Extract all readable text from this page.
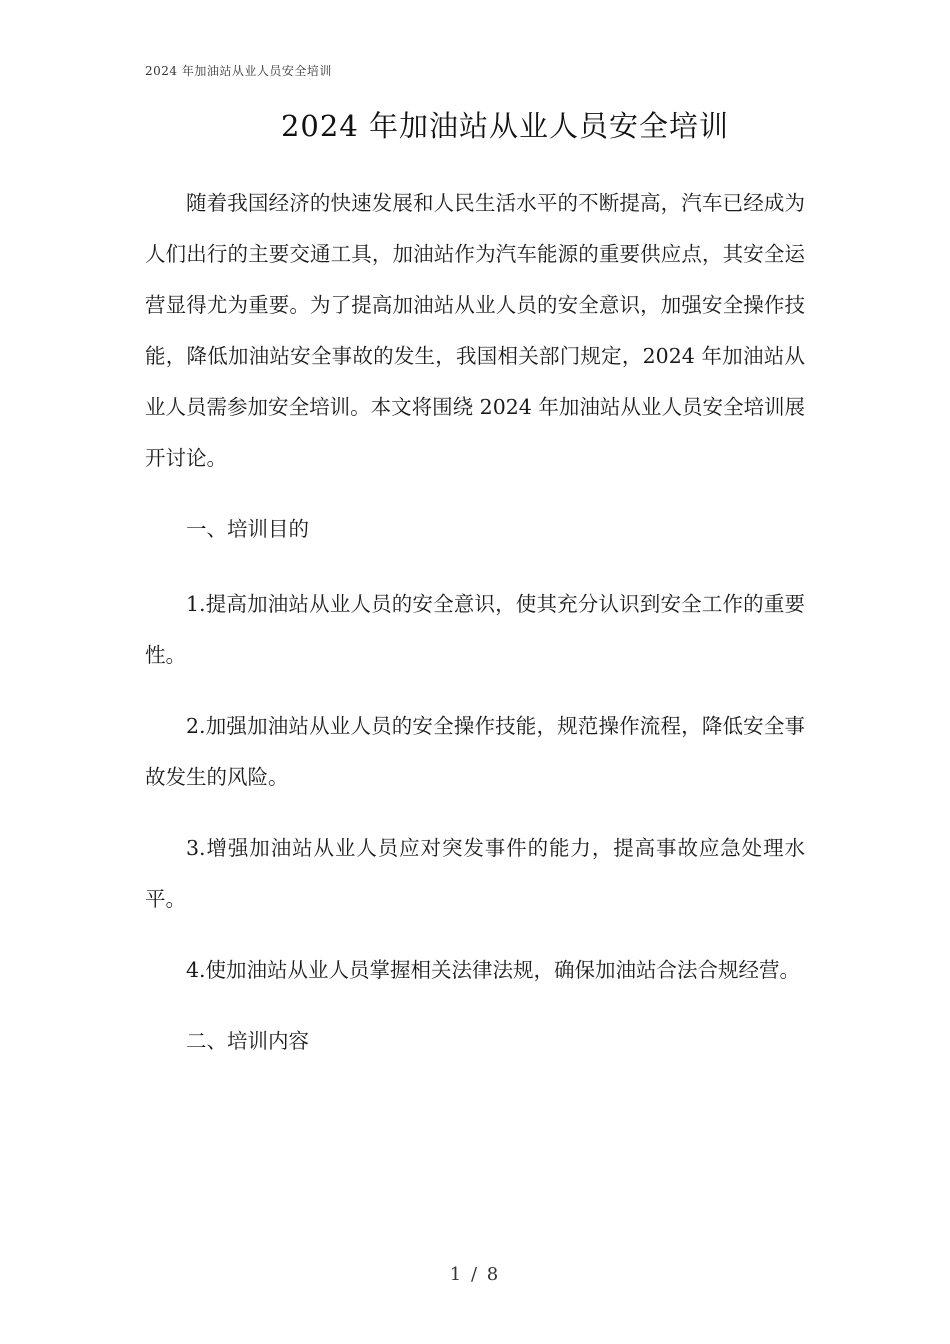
2024 年加油站从业人员安全培训
2024 年加油站从业人员安全培训

随着我国经济的快速发展和人民生活水平的不断提高，汽车已经成为人们出行的主要交通工具，加油站作为汽车能源的重要供应点，其安全运营显得尤为重要。为了提高加油站从业人员的安全意识，加强安全操作技能，降低加油站安全事故的发生，我国相关部门规定，2024 年加油站从业人员需参加安全培训。本文将围绕 2024 年加油站从业人员安全培训展开讨论。

一、培训目的

1.提高加油站从业人员的安全意识，使其充分认识到安全工作的重要性。

2.加强加油站从业人员的安全操作技能，规范操作流程，降低安全事故发生的风险。

3.增强加油站从业人员应对突发事件的能力，提高事故应急处理水平。

4.使加油站从业人员掌握相关法律法规，确保加油站合法合规经营。

二、培训内容

1 / 8
